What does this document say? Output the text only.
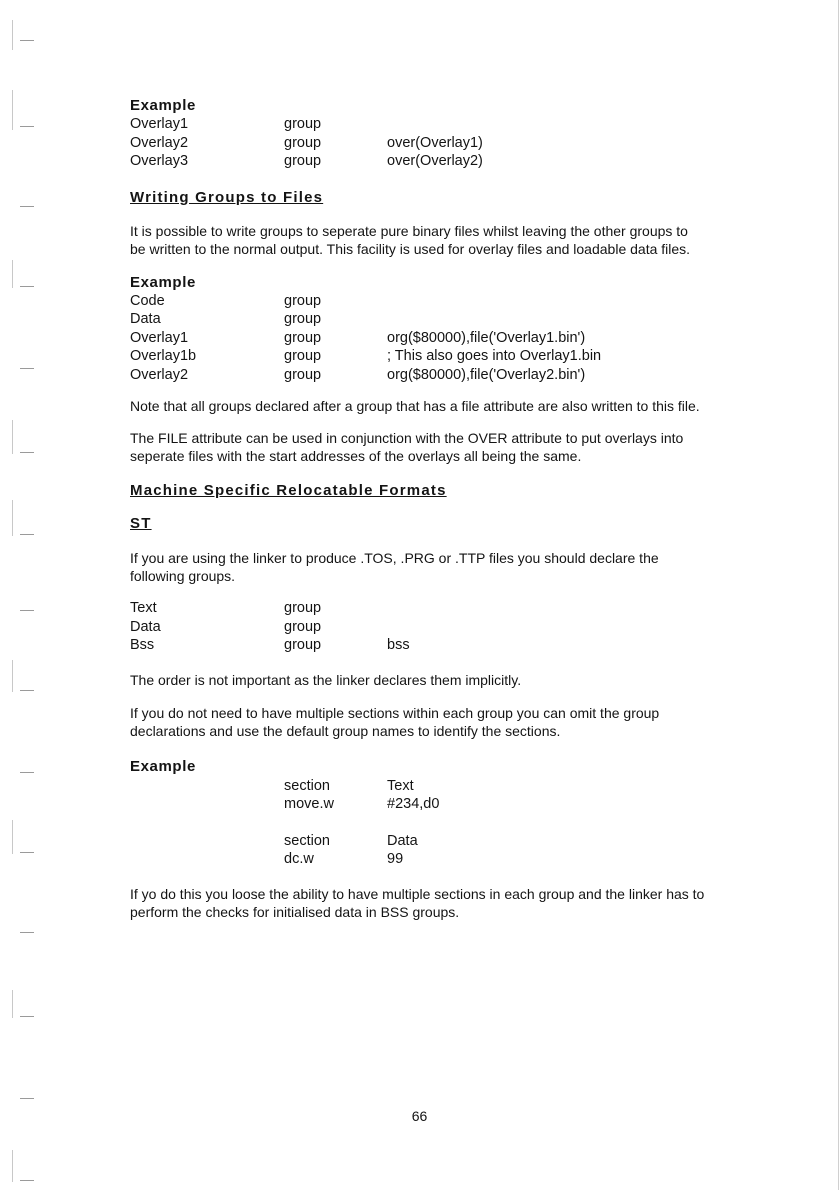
Example
Overlay1	group	
Overlay2	group	over(Overlay1)
Overlay3	group	over(Overlay2)
Writing Groups to Files

It is possible to write groups to seperate pure binary files whilst leaving the other groups to be written to the normal output. This facility is used for overlay files and loadable data files.

Example
Code	group	
Data	group	
Overlay1	group	org($80000),file('Overlay1.bin')
Overlay1b	group	; This also goes into Overlay1.bin
Overlay2	group	org($80000),file('Overlay2.bin')

Note that all groups declared after a group that has a file attribute are also written to this file.

The FILE attribute can be used in conjunction with the OVER attribute to put overlays into seperate files with the start addresses of the overlays all being the same.

Machine Specific Relocatable Formats
ST

If you are using the linker to produce .TOS, .PRG or .TTP files you should declare the following groups.

Text	group	
Data	group	
Bss	group	bss

The order is not important as the linker declares them implicitly.

If you do not need to have multiple sections within each group you can omit the group declarations and use the default group names to identify the sections.

Example
section	Text
move.w	#234,d0
section	Data
dc.w	99

If yo do this you loose the ability to have multiple sections in each group and the linker has to perform the checks for initialised data in BSS groups.

66
